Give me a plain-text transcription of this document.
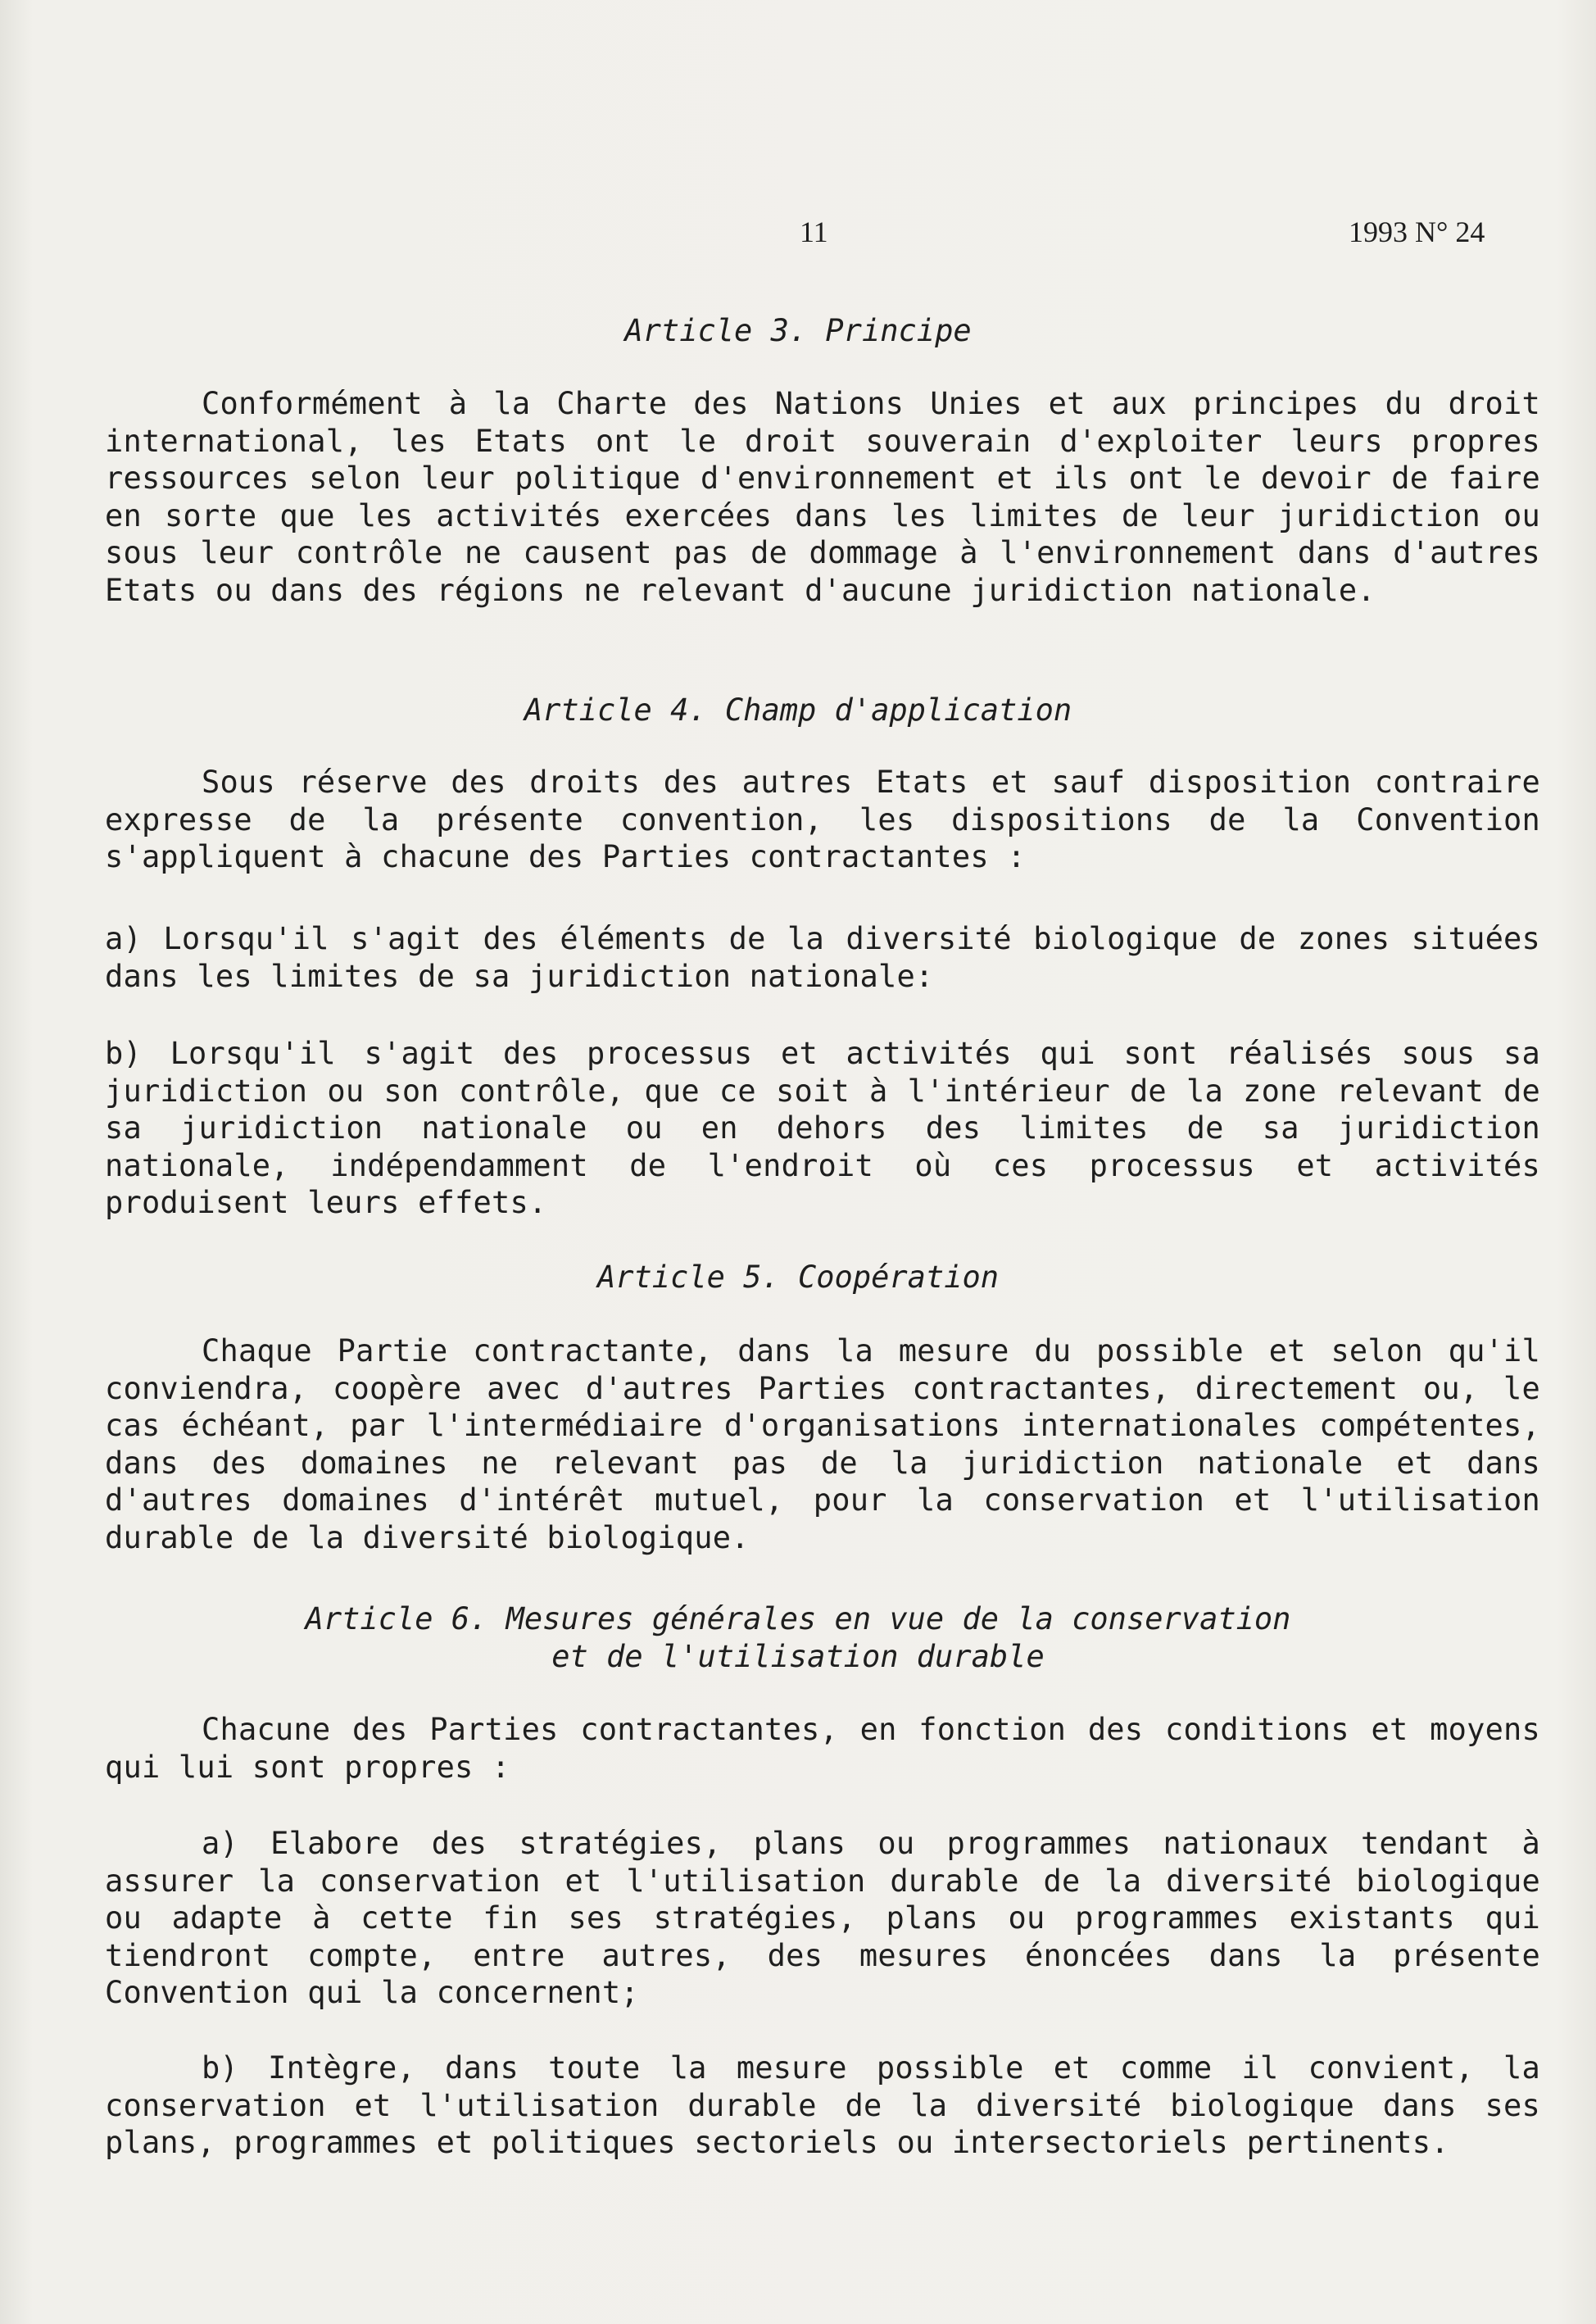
11	1993 N° 24
Article 3. Principe
Conformément à la Charte des Nations Unies et aux principes du droit international, les Etats ont le droit souverain d'exploiter leurs propres ressources selon leur politique d'environnement et ils ont le devoir de faire en sorte que les activités exercées dans les limites de leur juridiction ou sous leur contrôle ne causent pas de dommage à l'environnement dans d'autres Etats ou dans des régions ne relevant d'aucune juridiction nationale.
Article 4. Champ d'application
Sous réserve des droits des autres Etats et sauf disposition contraire expresse de la présente convention, les dispositions de la Convention s'appliquent à chacune des Parties contractantes :
a) Lorsqu'il s'agit des éléments de la diversité biologique de zones situées dans les limites de sa juridiction nationale:
b) Lorsqu'il s'agit des processus et activités qui sont réalisés sous sa juridiction ou son contrôle, que ce soit à l'intérieur de la zone relevant de sa juridiction nationale ou en dehors des limites de sa juridiction nationale, indépendamment de l'endroit où ces processus et activités produisent leurs effets.
Article 5. Coopération
Chaque Partie contractante, dans la mesure du possible et selon qu'il conviendra, coopère avec d'autres Parties contractantes, directement ou, le cas échéant, par l'intermédiaire d'organisations internationales compétentes, dans des domaines ne relevant pas de la juridiction nationale et dans d'autres domaines d'intérêt mutuel, pour la conservation et l'utilisation durable de la diversité biologique.
Article 6. Mesures générales en vue de la conservation
et de l'utilisation durable
Chacune des Parties contractantes, en fonction des conditions et moyens qui lui sont propres :
a) Elabore des stratégies, plans ou programmes nationaux tendant à assurer la conservation et l'utilisation durable de la diversité biologique ou adapte à cette fin ses stratégies, plans ou programmes existants qui tiendront compte, entre autres, des mesures énoncées dans la présente Convention qui la concernent;
b) Intègre, dans toute la mesure possible et comme il convient, la conservation et l'utilisation durable de la diversité biologique dans ses plans, programmes et politiques sectoriels ou intersectoriels pertinents.
